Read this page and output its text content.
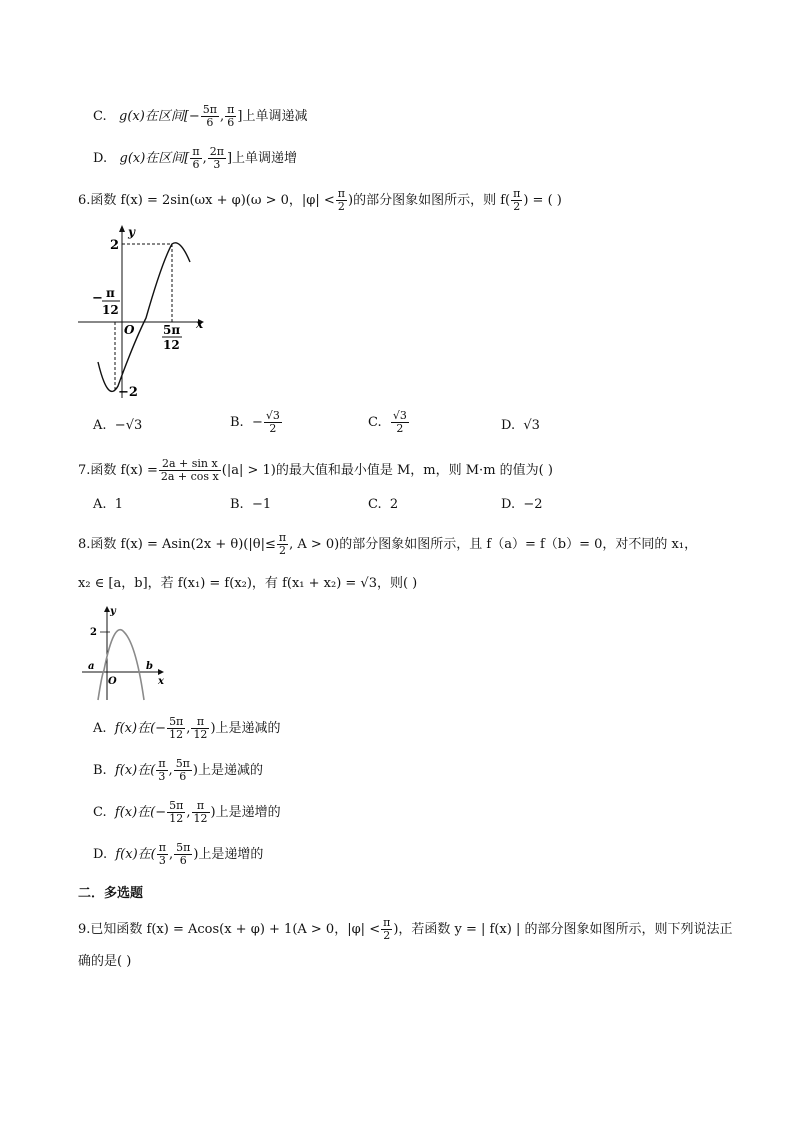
C. g(x)在区间[− $\frac{5\pi}{6}$ , $\frac{\pi}{6}$ ]上单调递减
D. g(x)在区间[ $\frac{\pi}{6}$ , $\frac{2\pi}{3}$ ]上单调递增
6.函数 f(x) = 2sin(ωx + φ)(ω > 0，$|\varphi| < \frac{\pi}{2}$ )的部分图象如图所示，则 $f( \frac{\pi}{2}$ ) = ( )
y
x
2
O
−2
− π
12
5π
12
A. −√3	B. − $\frac{√3}{2}$	C. $\frac{√3}{2}$	D. √3
7.函数 $f(x) = \frac{\text{2a + sin x}}{\text{2a + cos x}} (|a| > 1)$的最大值和最小值是 M，m，则 M·m 的值为( )
A. 1	B. −1	C. 2	D. −2
8.函数 $f(x) = Asin(2x + \theta)(|\theta|\le \frac{\pi}{2}$ , A > 0)的部分图象如图所示，且 f（a）= f（b）= 0，对不同的 x₁，
x₂ ∈ [a，b]，若 f(x₁) = f(x₂)，有 f(x₁ + x₂) = √3，则( )
y
x
2
a	b
O
A. f(x)在(− $\frac{5\pi}{12}$ , $\frac{\pi}{12}$ )上是递减的
B. f(x)在( $\frac{\pi}{3}$ , $\frac{5\pi}{6}$ )上是递减的
C. f(x)在(− $\frac{5\pi}{12}$ , $\frac{\pi}{12}$ )上是递增的
D. f(x)在( $\frac{\pi}{3}$ , $\frac{5\pi}{6}$ )上是递增的
二．多选题
9.已知函数 f(x) = Acos(x + φ) + 1(A > 0，$|\varphi| < \frac{\pi}{2}$ )，若函数 y = | f(x) | 的部分图象如图所示，则下列说法正
确的是( )
